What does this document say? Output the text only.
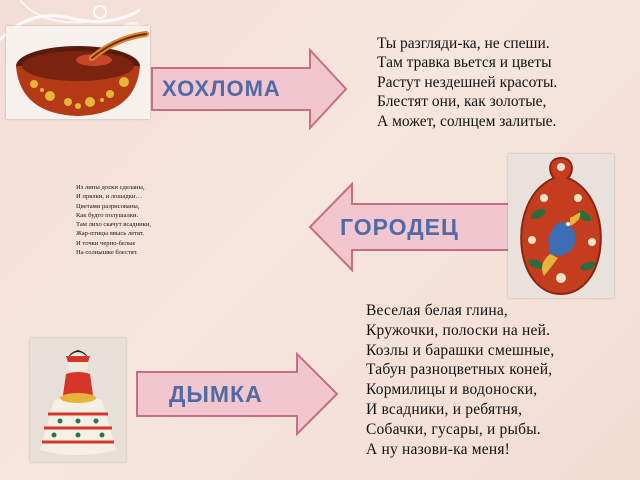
ХОХЛОМА
Ты разгляди-ка, не спеши.
Там травка вьется и цветы
Растут нездешней красоты.
Блестят они, как золотые,
А может, солнцем залитые.
Из липы доски сделаны,
И прялки, и лошадки…
Цветами разрисованы,
Как будто полушалки.
Там лихо скачут всадники,
Жар-птицы ввысь летят.
И точки черно-белые
На солнышке блестят.
ГОРОДЕЦ
ДЫМКА
Веселая белая глина,
Кружочки, полоски на ней.
Козлы и барашки смешные,
Табун разноцветных коней,
Кормилицы и водоноски,
И всадники, и ребятня,
Собачки, гусары, и рыбы.
А ну назови-ка меня!
